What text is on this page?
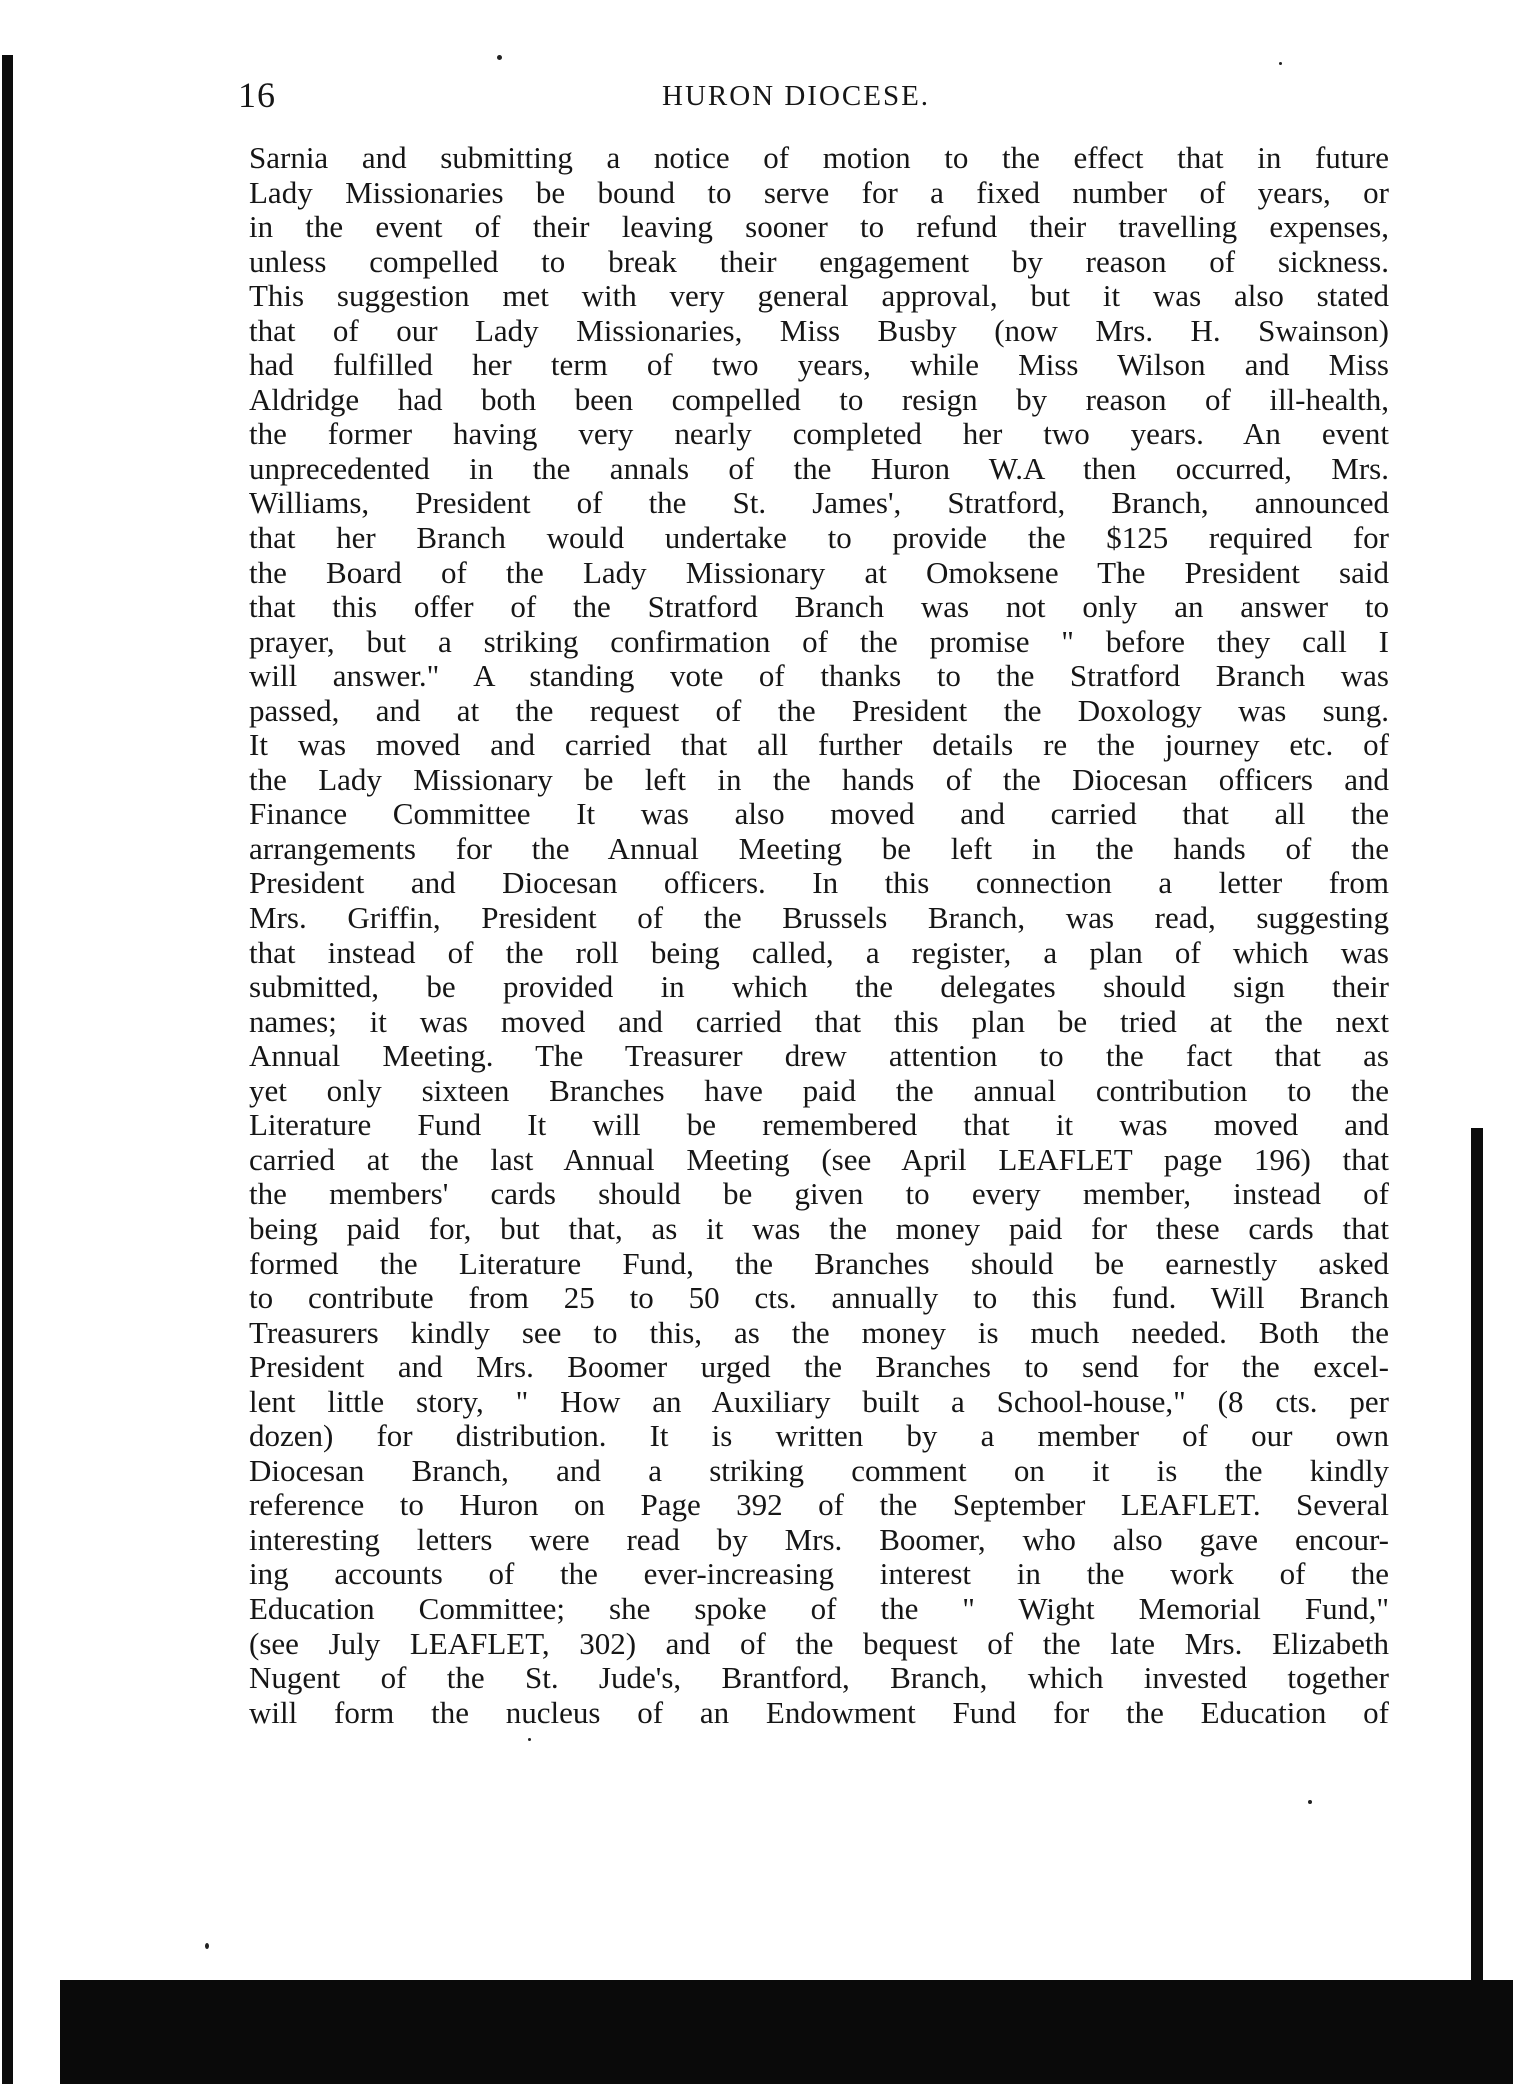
16	HURON DIOCESE.
Sarnia and submitting a notice of motion to the effect that in future
Lady Missionaries be bound to serve for a fixed number of years, or
in the event of their leaving sooner to refund their travelling expenses,
unless compelled to break their engagement by reason of sickness.
This suggestion met with very general approval, but it was also stated
that of our Lady Missionaries, Miss Busby (now Mrs. H. Swainson)
had fulfilled her term of two years, while Miss Wilson and Miss
Aldridge had both been compelled to resign by reason of ill-health,
the former having very nearly completed her two years. An event
unprecedented in the annals of the Huron W.A then occurred, Mrs.
Williams, President of the St. James', Stratford, Branch, announced
that her Branch would undertake to provide the $125 required for
the Board of the Lady Missionary at Omoksene The President said
that this offer of the Stratford Branch was not only an answer to
prayer, but a striking confirmation of the promise " before they call I
will answer." A standing vote of thanks to the Stratford Branch was
passed, and at the request of the President the Doxology was sung.
It was moved and carried that all further details re the journey etc. of
the Lady Missionary be left in the hands of the Diocesan officers and
Finance Committee It was also moved and carried that all the
arrangements for the Annual Meeting be left in the hands of the
President and Diocesan officers. In this connection a letter from
Mrs. Griffin, President of the Brussels Branch, was read, suggesting
that instead of the roll being called, a register, a plan of which was
submitted, be provided in which the delegates should sign their
names; it was moved and carried that this plan be tried at the next
Annual Meeting. The Treasurer drew attention to the fact that as
yet only sixteen Branches have paid the annual contribution to the
Literature Fund It will be remembered that it was moved and
carried at the last Annual Meeting (see April LEAFLET page 196) that
the members' cards should be given to every member, instead of
being paid for, but that, as it was the money paid for these cards that
formed the Literature Fund, the Branches should be earnestly asked
to contribute from 25 to 50 cts. annually to this fund. Will Branch
Treasurers kindly see to this, as the money is much needed. Both the
President and Mrs. Boomer urged the Branches to send for the excel-
lent little story, " How an Auxiliary built a School-house," (8 cts. per
dozen) for distribution. It is written by a member of our own
Diocesan Branch, and a striking comment on it is the kindly
reference to Huron on Page 392 of the September LEAFLET. Several
interesting letters were read by Mrs. Boomer, who also gave encour-
ing accounts of the ever-increasing interest in the work of the
Education Committee; she spoke of the " Wight Memorial Fund,"
(see July LEAFLET, 302) and of the bequest of the late Mrs. Elizabeth
Nugent of the St. Jude's, Brantford, Branch, which invested together
will form the nucleus of an Endowment Fund for the Education of
